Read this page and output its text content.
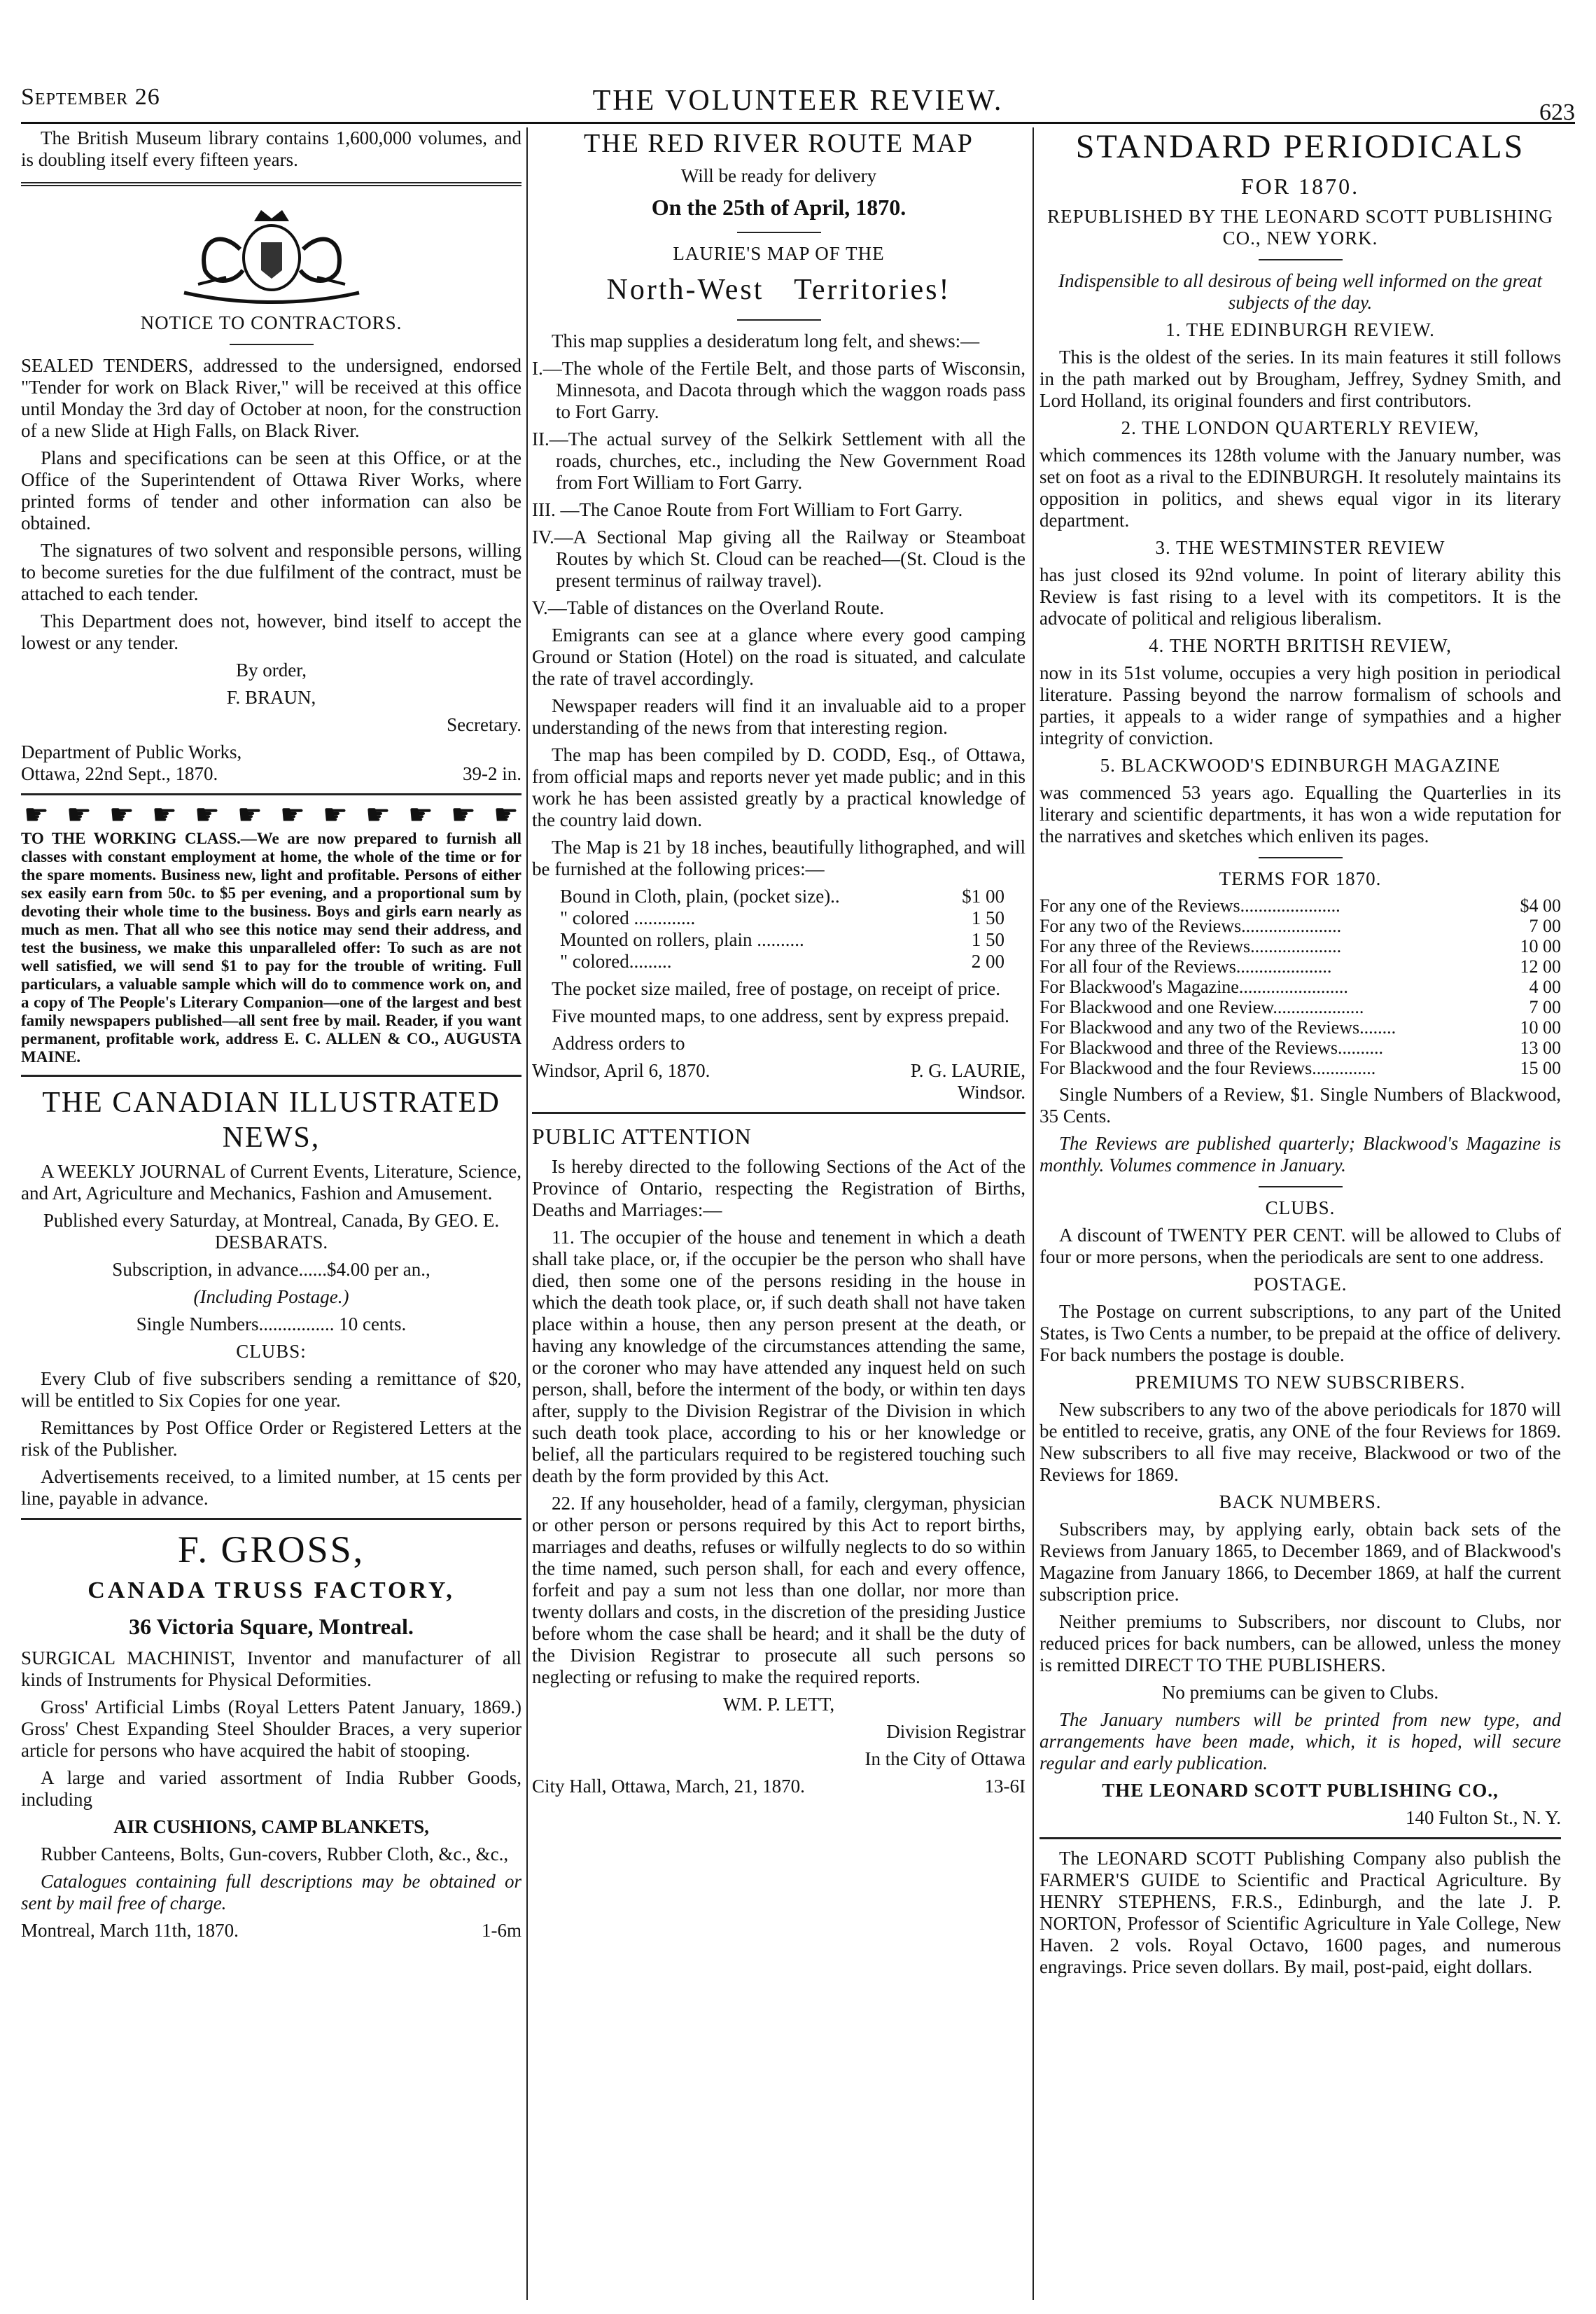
September 26	THE VOLUNTEER REVIEW.	623

The British Museum library contains 1,600,000 volumes, and is doubling itself every fifteen years.

NOTICE TO CONTRACTORS.

SEALED TENDERS, addressed to the undersigned, endorsed "Tender for work on Black River," will be received at this office until Monday the 3rd day of October at noon, for the construction of a new Slide at High Falls, on Black River.

Plans and specifications can be seen at this Office, or at the Office of the Superintendent of Ottawa River Works, where printed forms of tender and other information can also be obtained.

The signatures of two solvent and responsible persons, willing to become sureties for the due fulfilment of the contract, must be attached to each tender.

This Department does not, however, bind itself to accept the lowest or any tender.

By order,

F. BRAUN,

Secretary.

Department of Public Works,
Ottawa, 22nd Sept., 1870.	39-2 in.
☛ ☛ ☛ ☛ ☛ ☛ ☛ ☛ ☛ ☛ ☛ ☛

TO THE WORKING CLASS.—We are now prepared to furnish all classes with constant employment at home, the whole of the time or for the spare moments. Business new, light and profitable. Persons of either sex easily earn from 50c. to $5 per evening, and a proportional sum by devoting their whole time to the business. Boys and girls earn nearly as much as men. That all who see this notice may send their address, and test the business, we make this unparalleled offer: To such as are not well satisfied, we will send $1 to pay for the trouble of writing. Full particulars, a valuable sample which will do to commence work on, and a copy of The People's Literary Companion—one of the largest and best family newspapers published—all sent free by mail. Reader, if you want permanent, profitable work, address E. C. ALLEN & CO., AUGUSTA MAINE.

THE CANADIAN ILLUSTRATED NEWS,

A WEEKLY JOURNAL of Current Events, Literature, Science, and Art, Agriculture and Mechanics, Fashion and Amusement.

Published every Saturday, at Montreal, Canada, By GEO. E. DESBARATS.

Subscription, in advance......$4.00 per an.,

(Including Postage.)

Single Numbers................ 10 cents.

CLUBS:

Every Club of five subscribers sending a remittance of $20, will be entitled to Six Copies for one year.

Remittances by Post Office Order or Registered Letters at the risk of the Publisher.

Advertisements received, to a limited number, at 15 cents per line, payable in advance.

F. GROSS,

CANADA TRUSS FACTORY,

36 Victoria Square, Montreal.

SURGICAL MACHINIST, Inventor and manufacturer of all kinds of Instruments for Physical Deformities.

Gross' Artificial Limbs (Royal Letters Patent January, 1869.) Gross' Chest Expanding Steel Shoulder Braces, a very superior article for persons who have acquired the habit of stooping.

A large and varied assortment of India Rubber Goods, including

AIR CUSHIONS, CAMP BLANKETS,

Rubber Canteens, Bolts, Gun-covers, Rubber Cloth, &c., &c.,

Catalogues containing full descriptions may be obtained or sent by mail free of charge.

Montreal, March 11th, 1870.	1-6m

THE RED RIVER ROUTE MAP

Will be ready for delivery

On the 25th of April, 1870.

LAURIE'S MAP OF THE

North-West Territories!

This map supplies a desideratum long felt, and shews:—

I.—The whole of the Fertile Belt, and those parts of Wisconsin, Minnesota, and Dacota through which the waggon roads pass to Fort Garry.

II.—The actual survey of the Selkirk Settlement with all the roads, churches, etc., including the New Government Road from Fort William to Fort Garry.

III. —The Canoe Route from Fort William to Fort Garry.

IV.—A Sectional Map giving all the Railway or Steamboat Routes by which St. Cloud can be reached—(St. Cloud is the present terminus of railway travel).

V.—Table of distances on the Overland Route.

Emigrants can see at a glance where every good camping Ground or Station (Hotel) on the road is situated, and calculate the rate of travel accordingly.

Newspaper readers will find it an invaluable aid to a proper understanding of the news from that interesting region.

The map has been compiled by D. CODD, Esq., of Ottawa, from official maps and reports never yet made public; and in this work he has been assisted greatly by a practical knowledge of the country laid down.

The Map is 21 by 18 inches, beautifully lithographed, and will be furnished at the following prices:—

Bound in Cloth, plain, (pocket size)..	$1 00
" colored .............	1 50
Mounted on rollers, plain ..........	1 50
" colored.........	2 00

The pocket size mailed, free of postage, on receipt of price.

Five mounted maps, to one address, sent by express prepaid.

Address orders to

Windsor, April 6, 1870.	P. G. LAURIE,

Windsor.

PUBLIC ATTENTION

Is hereby directed to the following Sections of the Act of the Province of Ontario, respecting the Registration of Births, Deaths and Marriages:—

11. The occupier of the house and tenement in which a death shall take place, or, if the occupier be the person who shall have died, then some one of the persons residing in the house in which the death took place, or, if such death shall not have taken place within a house, then any person present at the death, or having any knowledge of the circumstances attending the same, or the coroner who may have attended any inquest held on such person, shall, before the interment of the body, or within ten days after, supply to the Division Registrar of the Division in which such death took place, according to his or her knowledge or belief, all the particulars required to be registered touching such death by the form provided by this Act.

22. If any householder, head of a family, clergyman, physician or other person or persons required by this Act to report births, marriages and deaths, refuses or wilfully neglects to do so within the time named, such person shall, for each and every offence, forfeit and pay a sum not less than one dollar, nor more than twenty dollars and costs, in the discretion of the presiding Justice before whom the case shall be heard; and it shall be the duty of the Division Registrar to prosecute all such persons so neglecting or refusing to make the required reports.

WM. P. LETT,

Division Registrar

In the City of Ottawa

City Hall, Ottawa, March, 21, 1870.	13-6I

STANDARD PERIODICALS

FOR 1870.

REPUBLISHED BY THE LEONARD SCOTT PUBLISHING CO., NEW YORK.

Indispensible to all desirous of being well informed on the great subjects of the day.

1. THE EDINBURGH REVIEW.

This is the oldest of the series. In its main features it still follows in the path marked out by Brougham, Jeffrey, Sydney Smith, and Lord Holland, its original founders and first contributors.

2. THE LONDON QUARTERLY REVIEW,

which commences its 128th volume with the January number, was set on foot as a rival to the EDINBURGH. It resolutely maintains its opposition in politics, and shews equal vigor in its literary department.

3. THE WESTMINSTER REVIEW

has just closed its 92nd volume. In point of literary ability this Review is fast rising to a level with its competitors. It is the advocate of political and religious liberalism.

4. THE NORTH BRITISH REVIEW,

now in its 51st volume, occupies a very high position in periodical literature. Passing beyond the narrow formalism of schools and parties, it appeals to a wider range of sympathies and a higher integrity of conviction.

5. BLACKWOOD'S EDINBURGH MAGAZINE

was commenced 53 years ago. Equalling the Quarterlies in its literary and scientific departments, it has won a wide reputation for the narratives and sketches which enliven its pages.

TERMS FOR 1870.

For any one of the Reviews......................	$4 00
For any two of the Reviews......................	7 00
For any three of the Reviews....................	10 00
For all four of the Reviews.....................	12 00
For Blackwood's Magazine........................	4 00
For Blackwood and one Review....................	7 00
For Blackwood and any two of the Reviews........	10 00
For Blackwood and three of the Reviews..........	13 00
For Blackwood and the four Reviews..............	15 00

Single Numbers of a Review, $1. Single Numbers of Blackwood, 35 Cents.

The Reviews are published quarterly; Blackwood's Magazine is monthly. Volumes commence in January.

CLUBS.

A discount of TWENTY PER CENT. will be allowed to Clubs of four or more persons, when the periodicals are sent to one address.

POSTAGE.

The Postage on current subscriptions, to any part of the United States, is Two Cents a number, to be prepaid at the office of delivery. For back numbers the postage is double.

PREMIUMS TO NEW SUBSCRIBERS.

New subscribers to any two of the above periodicals for 1870 will be entitled to receive, gratis, any ONE of the four Reviews for 1869. New subscribers to all five may receive, Blackwood or two of the Reviews for 1869.

BACK NUMBERS.

Subscribers may, by applying early, obtain back sets of the Reviews from January 1865, to December 1869, and of Blackwood's Magazine from January 1866, to December 1869, at half the current subscription price.

Neither premiums to Subscribers, nor discount to Clubs, nor reduced prices for back numbers, can be allowed, unless the money is remitted DIRECT TO THE PUBLISHERS.

No premiums can be given to Clubs.

The January numbers will be printed from new type, and arrangements have been made, which, it is hoped, will secure regular and early publication.

THE LEONARD SCOTT PUBLISHING CO.,

140 Fulton St., N. Y.

The LEONARD SCOTT Publishing Company also publish the FARMER'S GUIDE to Scientific and Practical Agriculture. By HENRY STEPHENS, F.R.S., Edinburgh, and the late J. P. NORTON, Professor of Scientific Agriculture in Yale College, New Haven. 2 vols. Royal Octavo, 1600 pages, and numerous engravings. Price seven dollars. By mail, post-paid, eight dollars.
